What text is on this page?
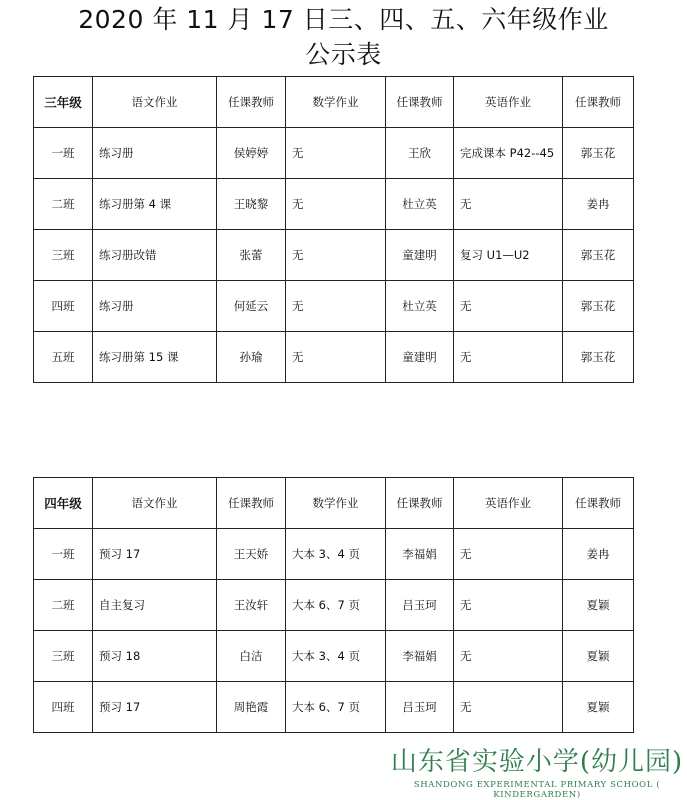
2020 年 11 月 17 日三、四、五、六年级作业
公示表
三年级	语文作业	任课教师	数学作业	任课教师	英语作业	任课教师
一班	练习册	侯婷婷	无	王欣	完成课本 P42--45	郭玉花
二班	练习册第 4 课	王晓黎	无	杜立英	无	姜冉
三班	练习册改错	张蕾	无	童建明	复习 U1—U2	郭玉花
四班	练习册	何延云	无	杜立英	无	郭玉花
五班	练习册第 15 课	孙瑜	无	童建明	无	郭玉花
四年级	语文作业	任课教师	数学作业	任课教师	英语作业	任课教师
一班	预习 17	王天娇	大本 3、4 页	李福娟	无	姜冉
二班	自主复习	王汝轩	大本 6、7 页	吕玉珂	无	夏颖
三班	预习 18	白洁	大本 3、4 页	李福娟	无	夏颖
四班	预习 17	周艳霞	大本 6、7 页	吕玉珂	无	夏颖
山东省实验小学(幼儿园)
SHANDONG EXPERIMENTAL PRIMARY SCHOOL ( KINDERGARDEN)
